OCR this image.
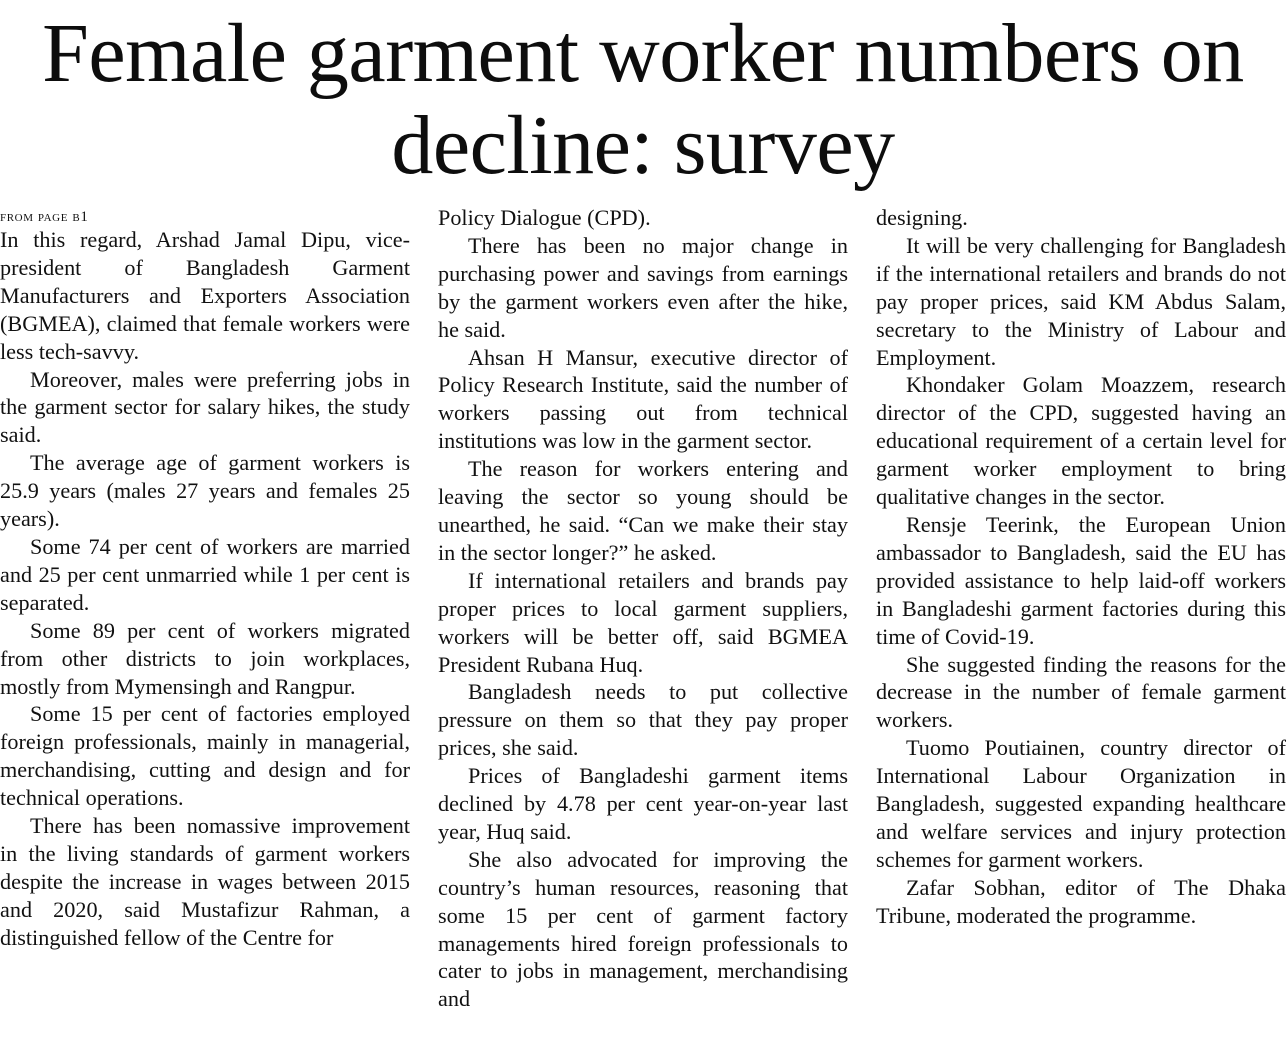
Female garment worker numbers on decline: survey
from page b1

In this regard, Arshad Jamal Dipu, vice-president of Bangladesh Garment Manufacturers and Exporters Association (BGMEA), claimed that female workers were less tech-savvy.

Moreover, males were preferring jobs in the garment sector for salary hikes, the study said.

The average age of garment workers is 25.9 years (males 27 years and females 25 years).

Some 74 per cent of workers are married and 25 per cent unmarried while 1 per cent is separated.

Some 89 per cent of workers migrated from other districts to join workplaces, mostly from Mymensingh and Rangpur.

Some 15 per cent of factories employed foreign professionals, mainly in managerial, merchandising, cutting and design and for technical operations.

There has been nomassive improvement in the living standards of garment workers despite the increase in wages between 2015 and 2020, said Mustafizur Rahman, a distinguished fellow of the Centre for

Policy Dialogue (CPD).

There has been no major change in purchasing power and savings from earnings by the garment workers even after the hike, he said.

Ahsan H Mansur, executive director of Policy Research Institute, said the number of workers passing out from technical institutions was low in the garment sector.

The reason for workers entering and leaving the sector so young should be unearthed, he said. “Can we make their stay in the sector longer?” he asked.

If international retailers and brands pay proper prices to local garment suppliers, workers will be better off, said BGMEA President Rubana Huq.

Bangladesh needs to put collective pressure on them so that they pay proper prices, she said.

Prices of Bangladeshi garment items declined by 4.78 per cent year-on-year last year, Huq said.

She also advocated for improving the country’s human resources, reasoning that some 15 per cent of garment factory managements hired foreign professionals to cater to jobs in management, merchandising and

designing.

It will be very challenging for Bangladesh if the international retailers and brands do not pay proper prices, said KM Abdus Salam, secretary to the Ministry of Labour and Employment.

Khondaker Golam Moazzem, research director of the CPD, suggested having an educational requirement of a certain level for garment worker employment to bring qualitative changes in the sector.

Rensje Teerink, the European Union ambassador to Bangladesh, said the EU has provided assistance to help laid-off workers in Bangladeshi garment factories during this time of Covid-19.

She suggested finding the reasons for the decrease in the number of female garment workers.

Tuomo Poutiainen, country director of International Labour Organization in Bangladesh, suggested expanding healthcare and welfare services and injury protection schemes for garment workers.

Zafar Sobhan, editor of The Dhaka Tribune, moderated the programme.
